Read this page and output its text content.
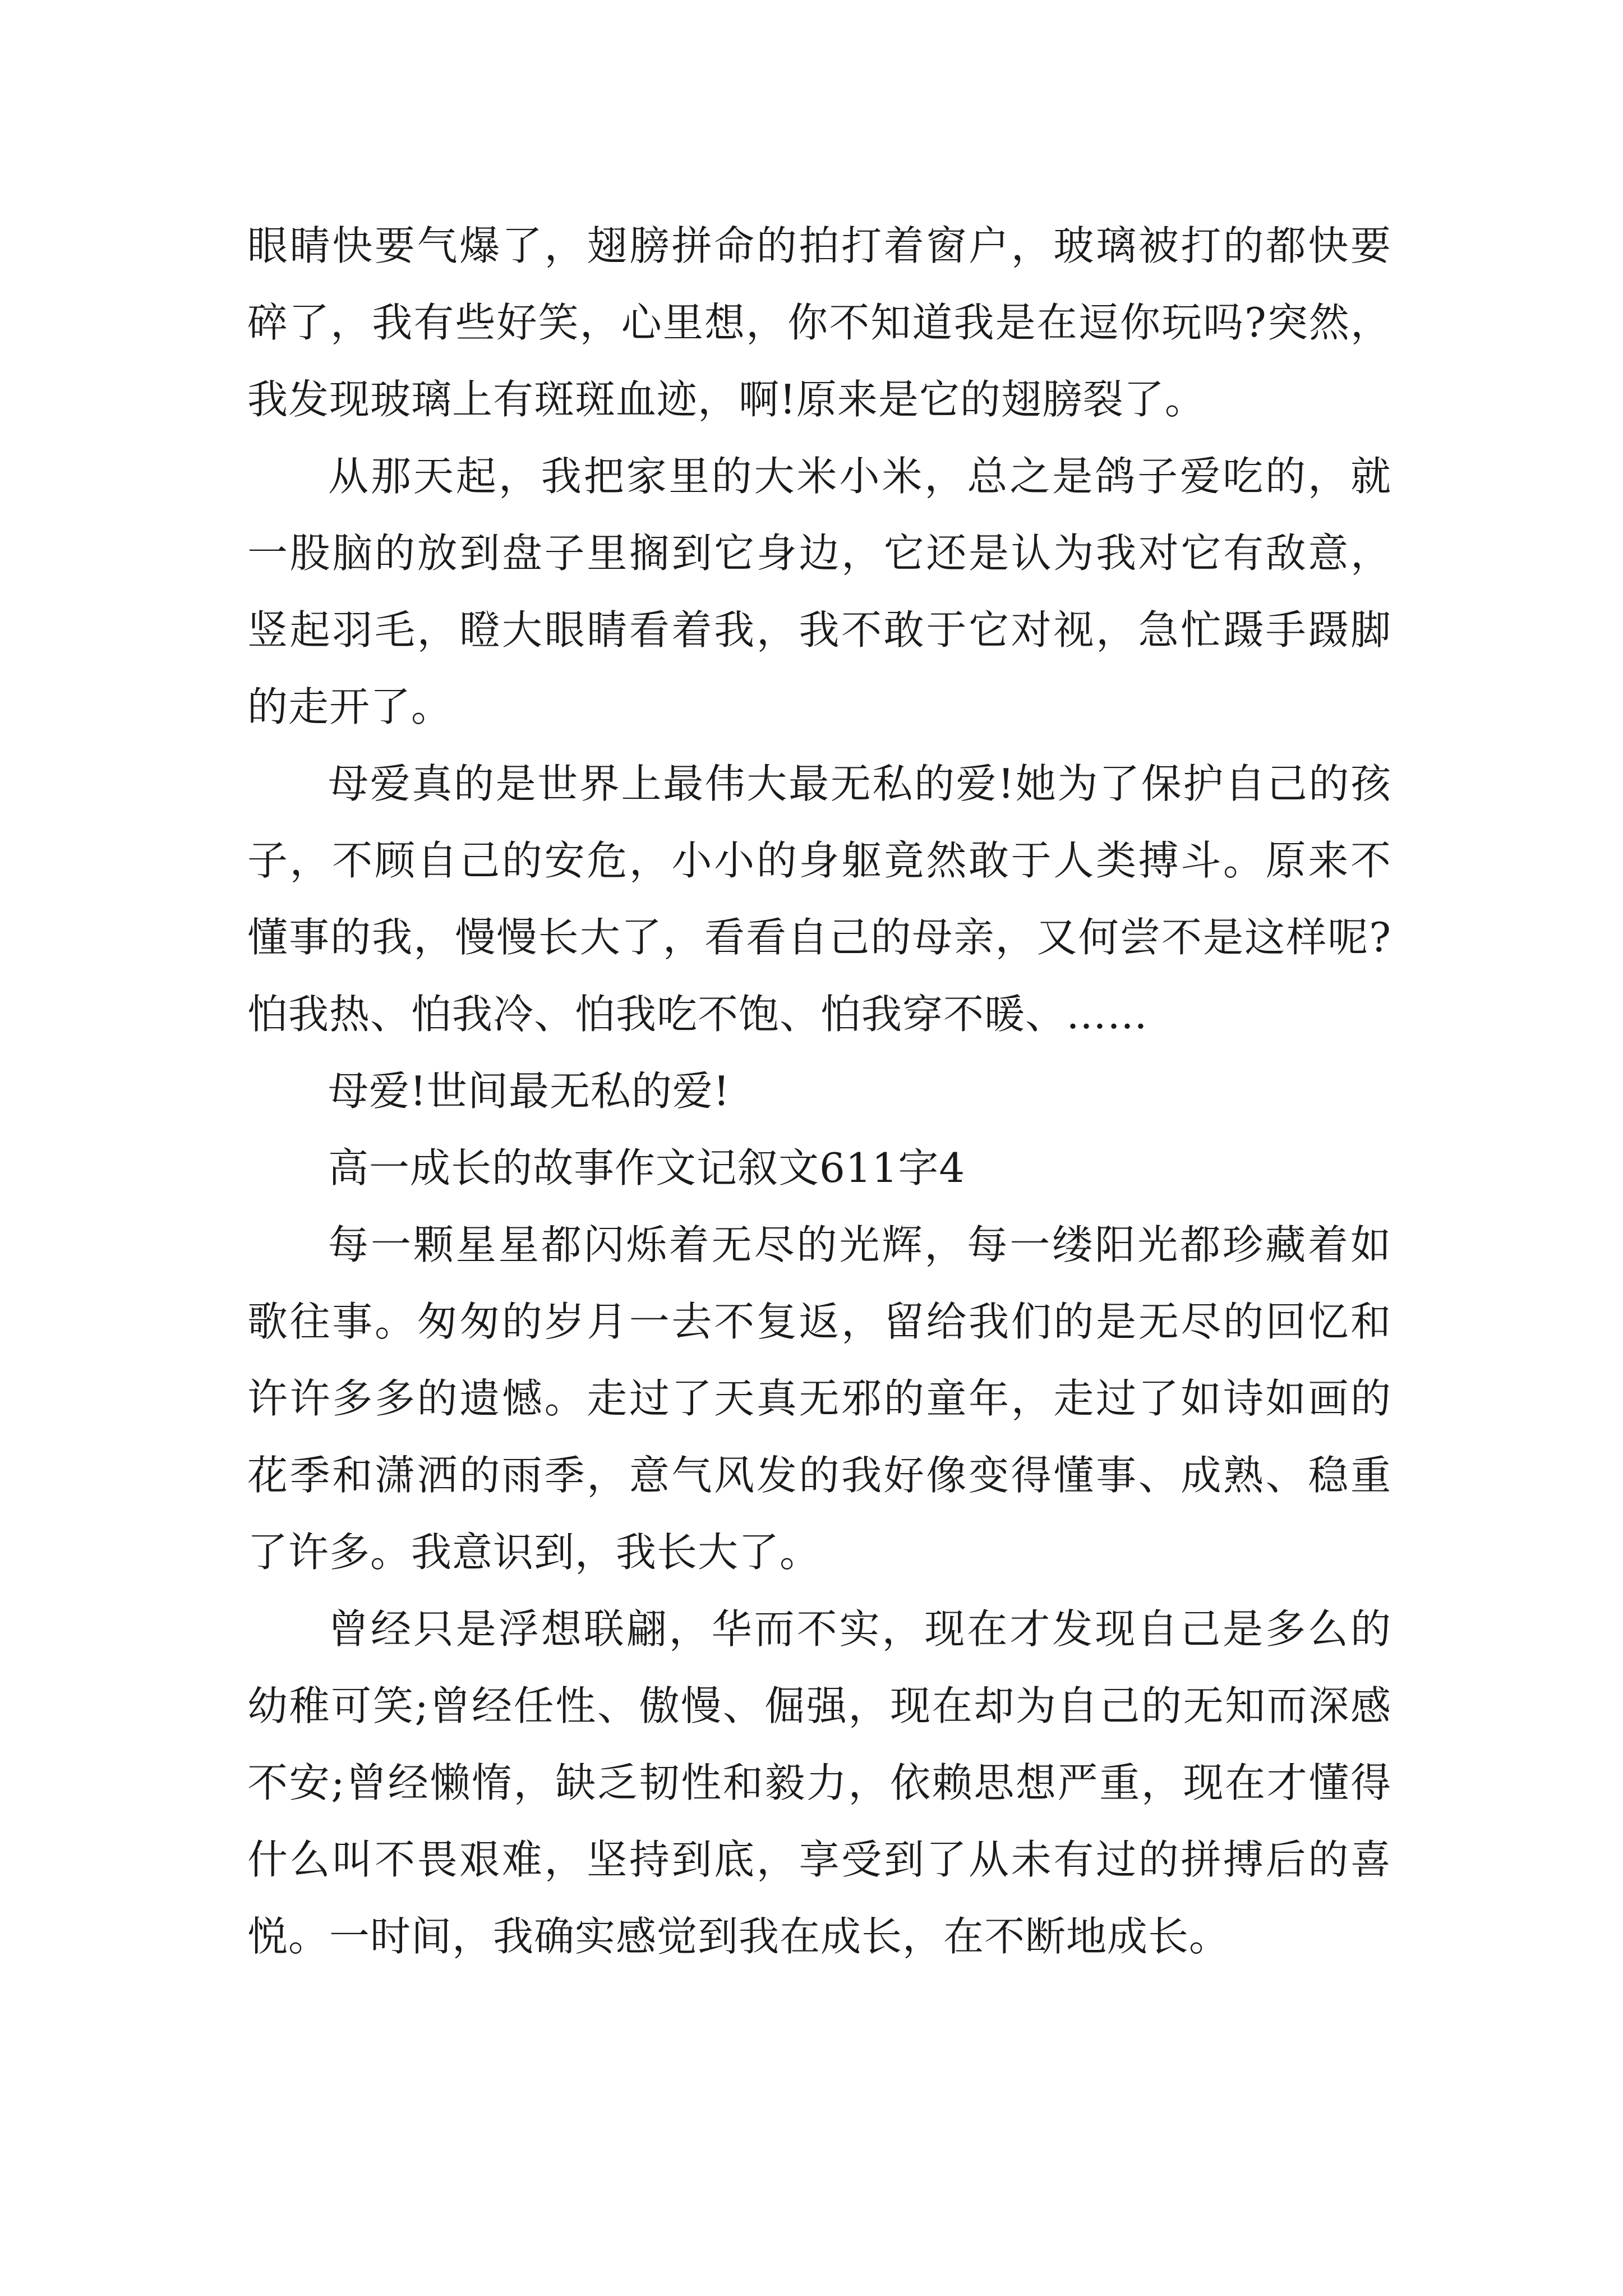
眼睛快要气爆了，翅膀拼命的拍打着窗户，玻璃被打的都快要碎了，我有些好笑，心里想，你不知道我是在逗你玩吗?突然，我发现玻璃上有斑斑血迹，啊!原来是它的翅膀裂了。

从那天起，我把家里的大米小米，总之是鸽子爱吃的，就一股脑的放到盘子里搁到它身边，它还是认为我对它有敌意，竖起羽毛，瞪大眼睛看着我，我不敢于它对视，急忙蹑手蹑脚的走开了。

母爱真的是世界上最伟大最无私的爱!她为了保护自己的孩子，不顾自己的安危，小小的身躯竟然敢于人类搏斗。原来不懂事的我，慢慢长大了，看看自己的母亲，又何尝不是这样呢?怕我热、怕我冷、怕我吃不饱、怕我穿不暖、……

母爱!世间最无私的爱!

高一成长的故事作文记叙文611字4

每一颗星星都闪烁着无尽的光辉，每一缕阳光都珍藏着如歌往事。匆匆的岁月一去不复返，留给我们的是无尽的回忆和许许多多的遗憾。走过了天真无邪的童年，走过了如诗如画的花季和潇洒的雨季，意气风发的我好像变得懂事、成熟、稳重了许多。我意识到，我长大了。

曾经只是浮想联翩，华而不实，现在才发现自己是多么的幼稚可笑;曾经任性、傲慢、倔强，现在却为自己的无知而深感不安;曾经懒惰，缺乏韧性和毅力，依赖思想严重，现在才懂得什么叫不畏艰难，坚持到底，享受到了从未有过的拼搏后的喜悦。一时间，我确实感觉到我在成长，在不断地成长。
